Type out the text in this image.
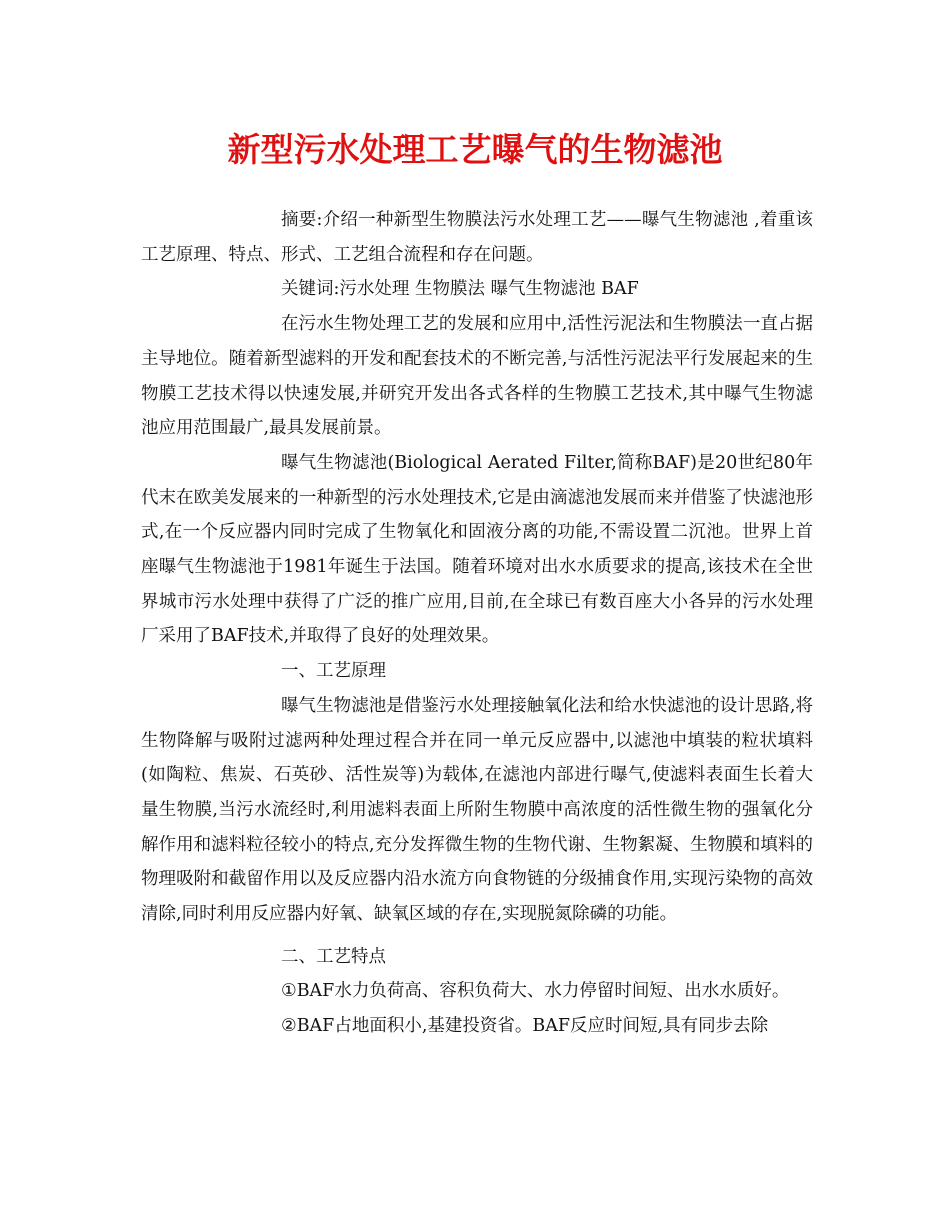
新型污水处理工艺曝气的生物滤池

摘要:介绍一种新型生物膜法污水处理工艺——曝气生物滤池 ,着重该工艺原理、特点、形式、工艺组合流程和存在问题。

关键词:污水处理 生物膜法 曝气生物滤池 BAF

在污水生物处理工艺的发展和应用中,活性污泥法和生物膜法一直占据主导地位。随着新型滤料的开发和配套技术的不断完善,与活性污泥法平行发展起来的生物膜工艺技术得以快速发展,并研究开发出各式各样的生物膜工艺技术,其中曝气生物滤池应用范围最广,最具发展前景。

曝气生物滤池(Biological Aerated Filter,简称BAF)是20世纪80年代末在欧美发展来的一种新型的污水处理技术,它是由滴滤池发展而来并借鉴了快滤池形式,在一个反应器内同时完成了生物氧化和固液分离的功能,不需设置二沉池。世界上首座曝气生物滤池于1981年诞生于法国。随着环境对出水水质要求的提高,该技术在全世界城市污水处理中获得了广泛的推广应用,目前,在全球已有数百座大小各异的污水处理厂采用了BAF技术,并取得了良好的处理效果。

一、工艺原理

曝气生物滤池是借鉴污水处理接触氧化法和给水快滤池的设计思路,将生物降解与吸附过滤两种处理过程合并在同一单元反应器中,以滤池中填装的粒状填料(如陶粒、焦炭、石英砂、活性炭等)为载体,在滤池内部进行曝气,使滤料表面生长着大量生物膜,当污水流经时,利用滤料表面上所附生物膜中高浓度的活性微生物的强氧化分解作用和滤料粒径较小的特点,充分发挥微生物的生物代谢、生物絮凝、生物膜和填料的物理吸附和截留作用以及反应器内沿水流方向食物链的分级捕食作用,实现污染物的高效清除,同时利用反应器内好氧、缺氧区域的存在,实现脱氮除磷的功能。

二、工艺特点

①BAF水力负荷高、容积负荷大、水力停留时间短、出水水质好。

②BAF占地面积小,基建投资省。BAF反应时间短,具有同步去除
